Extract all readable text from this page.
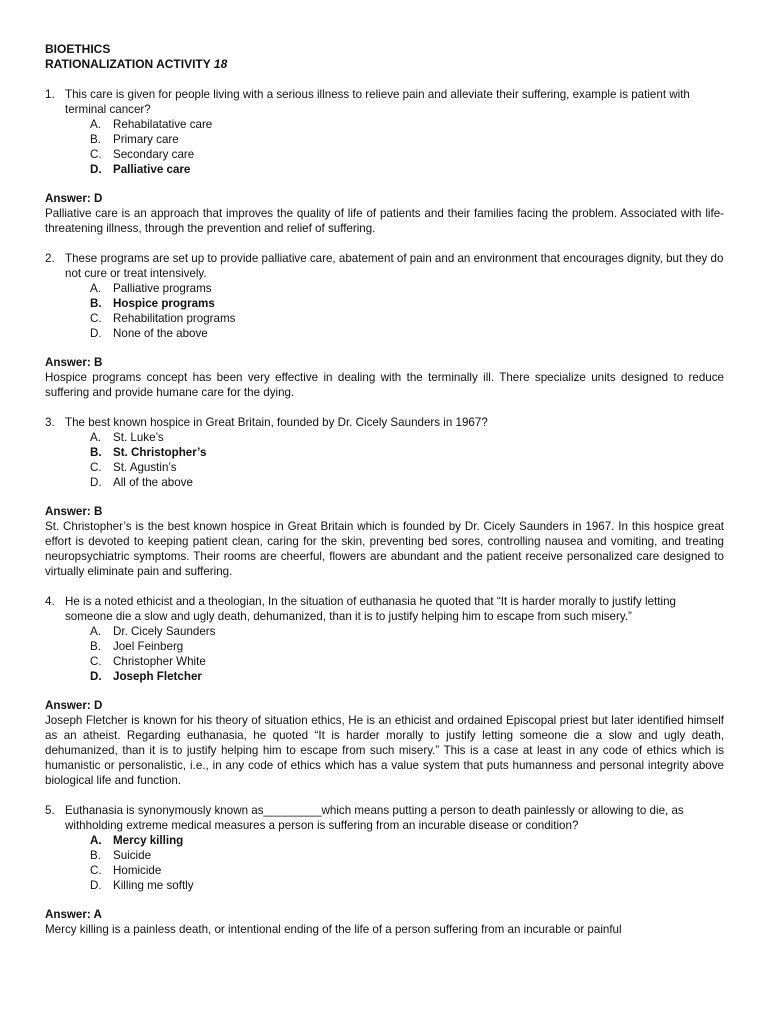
BIOETHICS
RATIONALIZATION ACTIVITY 18
1. This care is given for people living with a serious illness to relieve pain and alleviate their suffering, example is patient with terminal cancer?
A.	Rehabilatative care
B.	Primary care
C. Secondary care
D. Palliative care
Answer: D
Palliative care is an approach that improves the quality of life of patients and their families facing the problem. Associated with life-threatening illness, through the prevention and relief of suffering.
2. These programs are set up to provide palliative care, abatement of pain and an environment that encourages dignity, but they do not cure or treat intensively.
A.	Palliative programs
B. Hospice programs
C. Rehabilitation programs
D. None of the above
Answer: B
Hospice programs concept has been very effective in dealing with the terminally ill. There specialize units designed to reduce suffering and provide humane care for the dying.
3. The best known hospice in Great Britain, founded by Dr. Cicely Saunders in 1967?
A.	St. Luke’s
B. St. Christopher’s
C. St. Agustin’s
D. All of the above
Answer: B
St. Christopher’s is the best known hospice in Great Britain which is founded by Dr. Cicely Saunders in 1967. In this hospice great effort is devoted to keeping patient clean, caring for the skin, preventing bed sores, controlling nausea and vomiting, and treating neuropsychiatric symptoms. Their rooms are cheerful, flowers are abundant and the patient receive personalized care designed to virtually eliminate pain and suffering.
4. He is a noted ethicist and a theologian, In the situation of euthanasia he quoted that “It is harder morally to justify letting someone die a slow and ugly death, dehumanized, than it is to justify helping him to escape from such misery.”
A.	Dr. Cicely Saunders
B.	Joel Feinberg
C. Christopher White
D. Joseph Fletcher
Answer: D
Joseph Fletcher is known for his theory of situation ethics, He is an ethicist and ordained Episcopal priest but later identified himself as an atheist. Regarding euthanasia, he quoted “It is harder morally to justify letting someone die a slow and ugly death, dehumanized, than it is to justify helping him to escape from such misery.” This is a case at least in any code of ethics which is humanistic or personalistic, i.e., in any code of ethics which has a value system that puts humanness and personal integrity above biological life and function.
5. Euthanasia is synonymously known as_________which means putting a person to death painlessly or allowing to die, as withholding extreme medical measures a person is suffering from an incurable disease or condition?
A. Mercy killing
B.	Suicide
C. Homicide
D. Killing me softly
Answer: A
Mercy killing is a painless death, or intentional ending of the life of a person suffering from an incurable or painful
